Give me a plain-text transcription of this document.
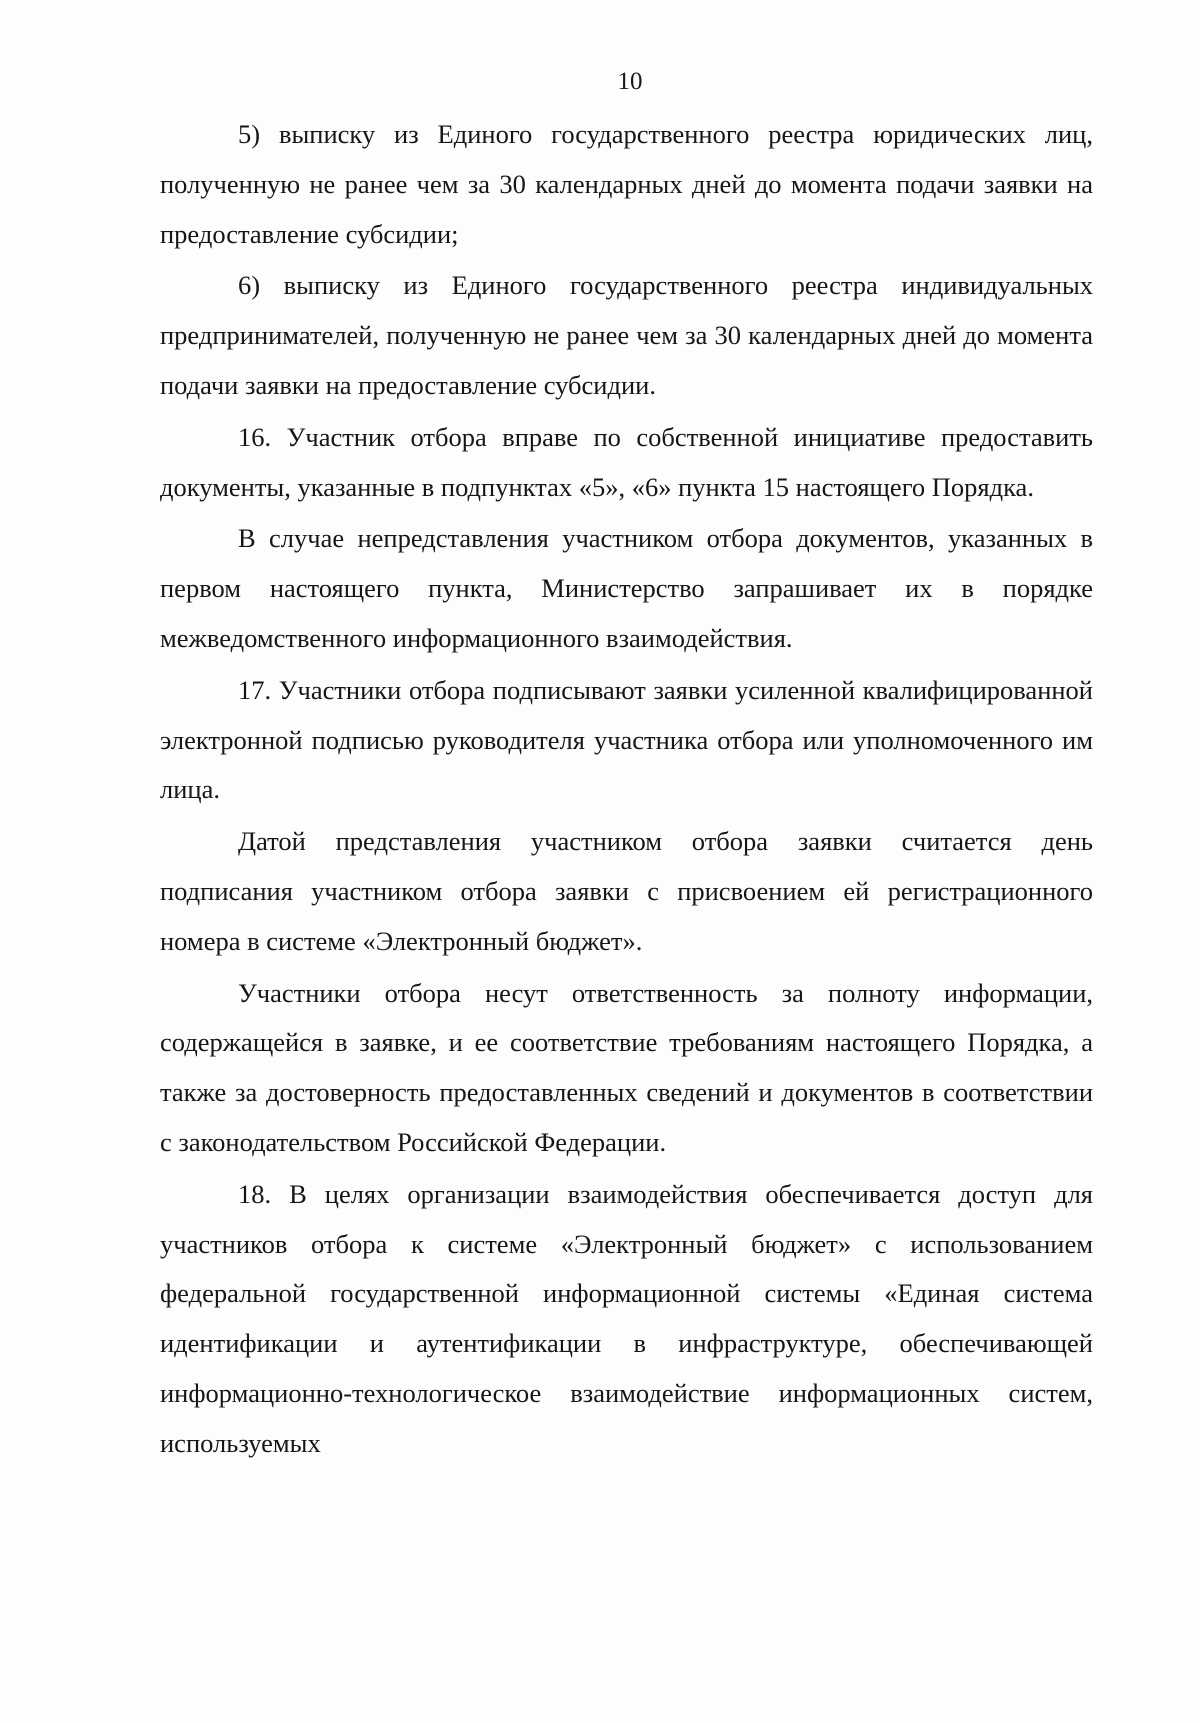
10

5) выписку из Единого государственного реестра юридических лиц, полученную не ранее чем за 30 календарных дней до момента подачи заявки на предоставление субсидии;

6) выписку из Единого государственного реестра индивидуальных предпринимателей, полученную не ранее чем за 30 календарных дней до момента подачи заявки на предоставление субсидии.

16. Участник отбора вправе по собственной инициативе предоставить документы, указанные в подпунктах «5», «6» пункта 15 настоящего Порядка.

В случае непредставления участником отбора документов, указанных в первом настоящего пункта, Министерство запрашивает их в порядке межведомственного информационного взаимодействия.

17. Участники отбора подписывают заявки усиленной квалифицированной электронной подписью руководителя участника отбора или уполномоченного им лица.

Датой представления участником отбора заявки считается день подписания участником отбора заявки с присвоением ей регистрационного номера в системе «Электронный бюджет».

Участники отбора несут ответственность за полноту информации, содержащейся в заявке, и ее соответствие требованиям настоящего Порядка, а также за достоверность предоставленных сведений и документов в соответствии с законодательством Российской Федерации.

18. В целях организации взаимодействия обеспечивается доступ для участников отбора к системе «Электронный бюджет» с использованием федеральной государственной информационной системы «Единая система идентификации и аутентификации в инфраструктуре, обеспечивающей информационно-технологическое взаимодействие информационных систем, используемых
